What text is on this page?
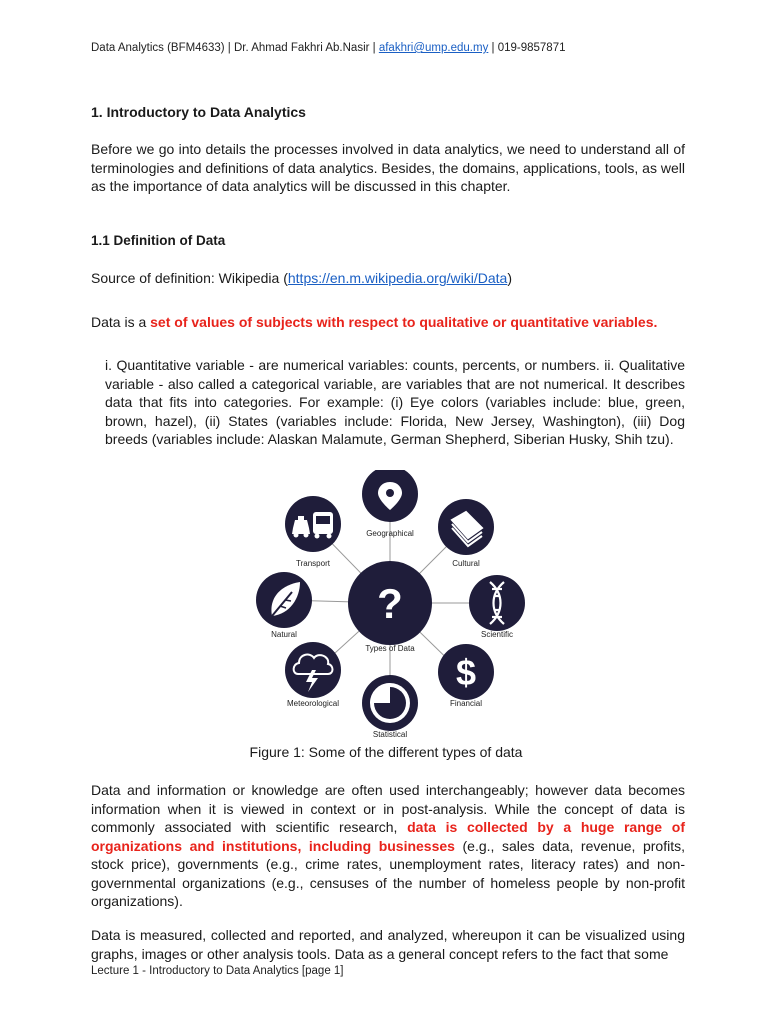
Data Analytics (BFM4633) | Dr. Ahmad Fakhri Ab.Nasir | afakhri@ump.edu.my | 019-9857871
1. Introductory to Data Analytics
Before we go into details the processes involved in data analytics, we need to understand all of terminologies and definitions of data analytics. Besides, the domains, applications, tools, as well as the importance of data analytics will be discussed in this chapter.
1.1 Definition of Data
Source of definition: Wikipedia (https://en.m.wikipedia.org/wiki/Data)
Data is a set of values of subjects with respect to qualitative or quantitative variables.
i. Quantitative variable - are numerical variables: counts, percents, or numbers. ii. Qualitative variable - also called a categorical variable, are variables that are not numerical. It describes data that fits into categories. For example: (i) Eye colors (variables include: blue, green, brown, hazel), (ii) States (variables include: Florida, New Jersey, Washington), (iii) Dog breeds (variables include: Alaskan Malamute, German Shepherd, Siberian Husky, Shih tzu).
?
Types of Data
Geographical
Cultural
Scientific
$
Financial
Statistical
Meteorological
Natural
Transport
Figure 1: Some of the different types of data
Data and information or knowledge are often used interchangeably; however data becomes information when it is viewed in context or in post-analysis. While the concept of data is commonly associated with scientific research, data is collected by a huge range of organizations and institutions, including businesses (e.g., sales data, revenue, profits, stock price), governments (e.g., crime rates, unemployment rates, literacy rates) and non-governmental organizations (e.g., censuses of the number of homeless people by non-profit organizations).
Data is measured, collected and reported, and analyzed, whereupon it can be visualized using graphs, images or other analysis tools. Data as a general concept refers to the fact that some
Lecture 1 - Introductory to Data Analytics [page 1]
